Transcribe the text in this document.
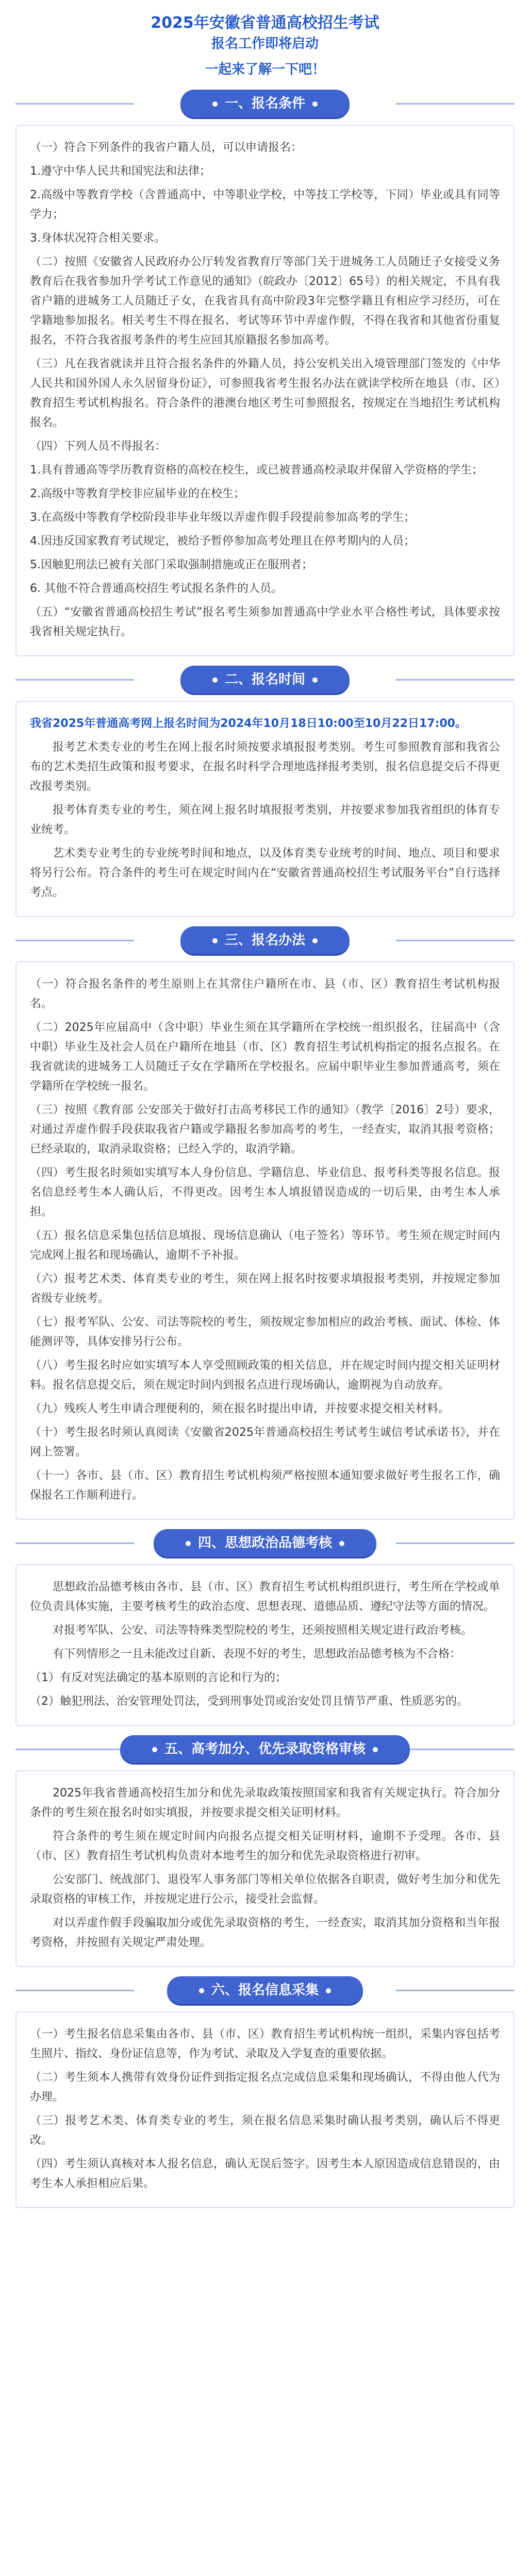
2025年安徽省普通高校招生考试
报名工作即将启动
一起来了解一下吧！
一、报名条件

（一）符合下列条件的我省户籍人员，可以申请报名：

1.遵守中华人民共和国宪法和法律；

2.高级中等教育学校（含普通高中、中等职业学校，中等技工学校等，下同）毕业或具有同等学力；

3.身体状况符合相关要求。

（二）按照《安徽省人民政府办公厅转发省教育厅等部门关于进城务工人员随迁子女接受义务教育后在我省参加升学考试工作意见的通知》（皖政办〔2012〕65号）的相关规定，不具有我省户籍的进城务工人员随迁子女，在我省具有高中阶段3年完整学籍且有相应学习经历，可在学籍地参加报名。相关考生不得在报名、考试等环节中弄虚作假，不得在我省和其他省份重复报名，不符合我省报考条件的考生应回其原籍报名参加高考。

（三）凡在我省就读并且符合报名条件的外籍人员，持公安机关出入境管理部门签发的《中华人民共和国外国人永久居留身份证》，可参照我省考生报名办法在就读学校所在地县（市、区）教育招生考试机构报名。符合条件的港澳台地区考生可参照报名，按规定在当地招生考试机构报名。

（四）下列人员不得报名：

1.具有普通高等学历教育资格的高校在校生，或已被普通高校录取并保留入学资格的学生；

2.高级中等教育学校非应届毕业的在校生；

3.在高级中等教育学校阶段非毕业年级以弄虚作假手段提前参加高考的学生；

4.因违反国家教育考试规定，被给予暂停参加高考处理且在停考期内的人员；

5.因触犯刑法已被有关部门采取强制措施或正在服刑者；

6. 其他不符合普通高校招生考试报名条件的人员。

（五）“安徽省普通高校招生考试”报名考生须参加普通高中学业水平合格性考试，具体要求按我省相关规定执行。

二、报名时间

我省2025年普通高考网上报名时间为2024年10月18日10:00至10月22日17:00。

报考艺术类专业的考生在网上报名时须按要求填报报考类别。考生可参照教育部和我省公布的艺术类招生政策和报考要求，在报名时科学合理地选择报考类别，报名信息提交后不得更改报考类别。

报考体育类专业的考生，须在网上报名时填报报考类别，并按要求参加我省组织的体育专业统考。

艺术类专业考生的专业统考时间和地点，以及体育类专业统考的时间、地点、项目和要求将另行公布。符合条件的考生可在规定时间内在“安徽省普通高校招生考试服务平台”自行选择考点。

三、报名办法

（一）符合报名条件的考生原则上在其常住户籍所在市、县（市、区）教育招生考试机构报名。

（二）2025年应届高中（含中职）毕业生须在其学籍所在学校统一组织报名，往届高中（含中职）毕业生及社会人员在户籍所在地县（市、区）教育招生考试机构指定的报名点报名。在我省就读的进城务工人员随迁子女在学籍所在学校报名。应届中职毕业生参加普通高考，须在学籍所在学校统一报名。

（三）按照《教育部 公安部关于做好打击高考移民工作的通知》（教学〔2016〕2号）要求，对通过弄虚作假手段获取我省户籍或学籍报名参加高考的考生，一经查实，取消其报考资格；已经录取的，取消录取资格；已经入学的，取消学籍。

（四）考生报名时须如实填写本人身份信息、学籍信息、毕业信息、报考科类等报名信息。报名信息经考生本人确认后，不得更改。因考生本人填报错误造成的一切后果，由考生本人承担。

（五）报名信息采集包括信息填报、现场信息确认（电子签名）等环节。考生须在规定时间内完成网上报名和现场确认，逾期不予补报。

（六）报考艺术类、体育类专业的考生，须在网上报名时按要求填报报考类别，并按规定参加省级专业统考。

（七）报考军队、公安、司法等院校的考生，须按规定参加相应的政治考核、面试、体检、体能测评等，具体安排另行公布。

（八）考生报名时应如实填写本人享受照顾政策的相关信息，并在规定时间内提交相关证明材料。报名信息提交后，须在规定时间内到报名点进行现场确认，逾期视为自动放弃。

（九）残疾人考生申请合理便利的，须在报名时提出申请，并按要求提交相关材料。

（十）考生报名时须认真阅读《安徽省2025年普通高校招生考试考生诚信考试承诺书》，并在网上签署。

（十一）各市、县（市、区）教育招生考试机构须严格按照本通知要求做好考生报名工作，确保报名工作顺利进行。

四、思想政治品德考核

思想政治品德考核由各市、县（市、区）教育招生考试机构组织进行，考生所在学校或单位负责具体实施，主要考核考生的政治态度、思想表现、道德品质、遵纪守法等方面的情况。

对报考军队、公安、司法等特殊类型院校的考生，还须按照相关规定进行政治考核。

有下列情形之一且未能改过自新、表现不好的考生，思想政治品德考核为不合格：

（1）有反对宪法确定的基本原则的言论和行为的；

（2）触犯刑法、治安管理处罚法，受到刑事处罚或治安处罚且情节严重、性质恶劣的。

五、高考加分、优先录取资格审核

2025年我省普通高校招生加分和优先录取政策按照国家和我省有关规定执行。符合加分条件的考生须在报名时如实填报，并按要求提交相关证明材料。

符合条件的考生须在规定时间内向报名点提交相关证明材料，逾期不予受理。各市、县（市、区）教育招生考试机构负责对本地考生的加分和优先录取资格进行初审。

公安部门、统战部门、退役军人事务部门等相关单位依据各自职责，做好考生加分和优先录取资格的审核工作，并按规定进行公示，接受社会监督。

对以弄虚作假手段骗取加分或优先录取资格的考生，一经查实，取消其加分资格和当年报考资格，并按照有关规定严肃处理。

六、报名信息采集

（一）考生报名信息采集由各市、县（市、区）教育招生考试机构统一组织，采集内容包括考生照片、指纹、身份证信息等，作为考试、录取及入学复查的重要依据。

（二）考生须本人携带有效身份证件到指定报名点完成信息采集和现场确认，不得由他人代为办理。

（三）报考艺术类、体育类专业的考生，须在报名信息采集时确认报考类别，确认后不得更改。

（四）考生须认真核对本人报名信息，确认无误后签字。因考生本人原因造成信息错误的，由考生本人承担相应后果。
